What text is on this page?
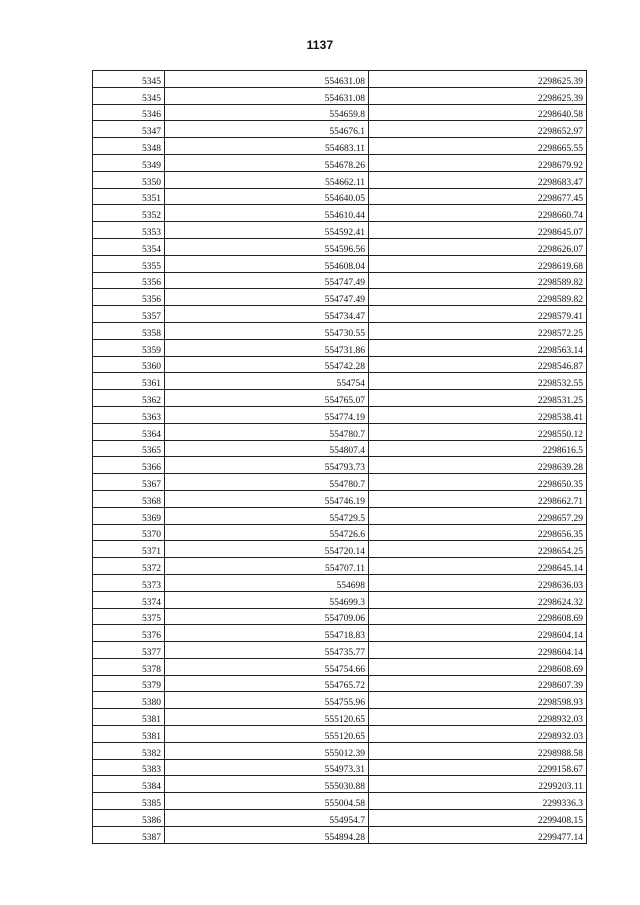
1137
5345	554631.08	2298625.39
5345	554631.08	2298625.39
5346	554659.8	2298640.58
5347	554676.1	2298652.97
5348	554683.11	2298665.55
5349	554678.26	2298679.92
5350	554662.11	2298683.47
5351	554640.05	2298677.45
5352	554610.44	2298660.74
5353	554592.41	2298645.07
5354	554596.56	2298626.07
5355	554608.04	2298619.68
5356	554747.49	2298589.82
5356	554747.49	2298589.82
5357	554734.47	2298579.41
5358	554730.55	2298572.25
5359	554731.86	2298563.14
5360	554742.28	2298546.87
5361	554754	2298532.55
5362	554765.07	2298531.25
5363	554774.19	2298538.41
5364	554780.7	2298550.12
5365	554807.4	2298616.5
5366	554793.73	2298639.28
5367	554780.7	2298650.35
5368	554746.19	2298662.71
5369	554729.5	2298657.29
5370	554726.6	2298656.35
5371	554720.14	2298654.25
5372	554707.11	2298645.14
5373	554698	2298636.03
5374	554699.3	2298624.32
5375	554709.06	2298608.69
5376	554718.83	2298604.14
5377	554735.77	2298604.14
5378	554754.66	2298608.69
5379	554765.72	2298607.39
5380	554755.96	2298598.93
5381	555120.65	2298932.03
5381	555120.65	2298932.03
5382	555012.39	2298988.58
5383	554973.31	2299158.67
5384	555030.88	2299203.11
5385	555004.58	2299336.3
5386	554954.7	2299408.15
5387	554894.28	2299477.14
